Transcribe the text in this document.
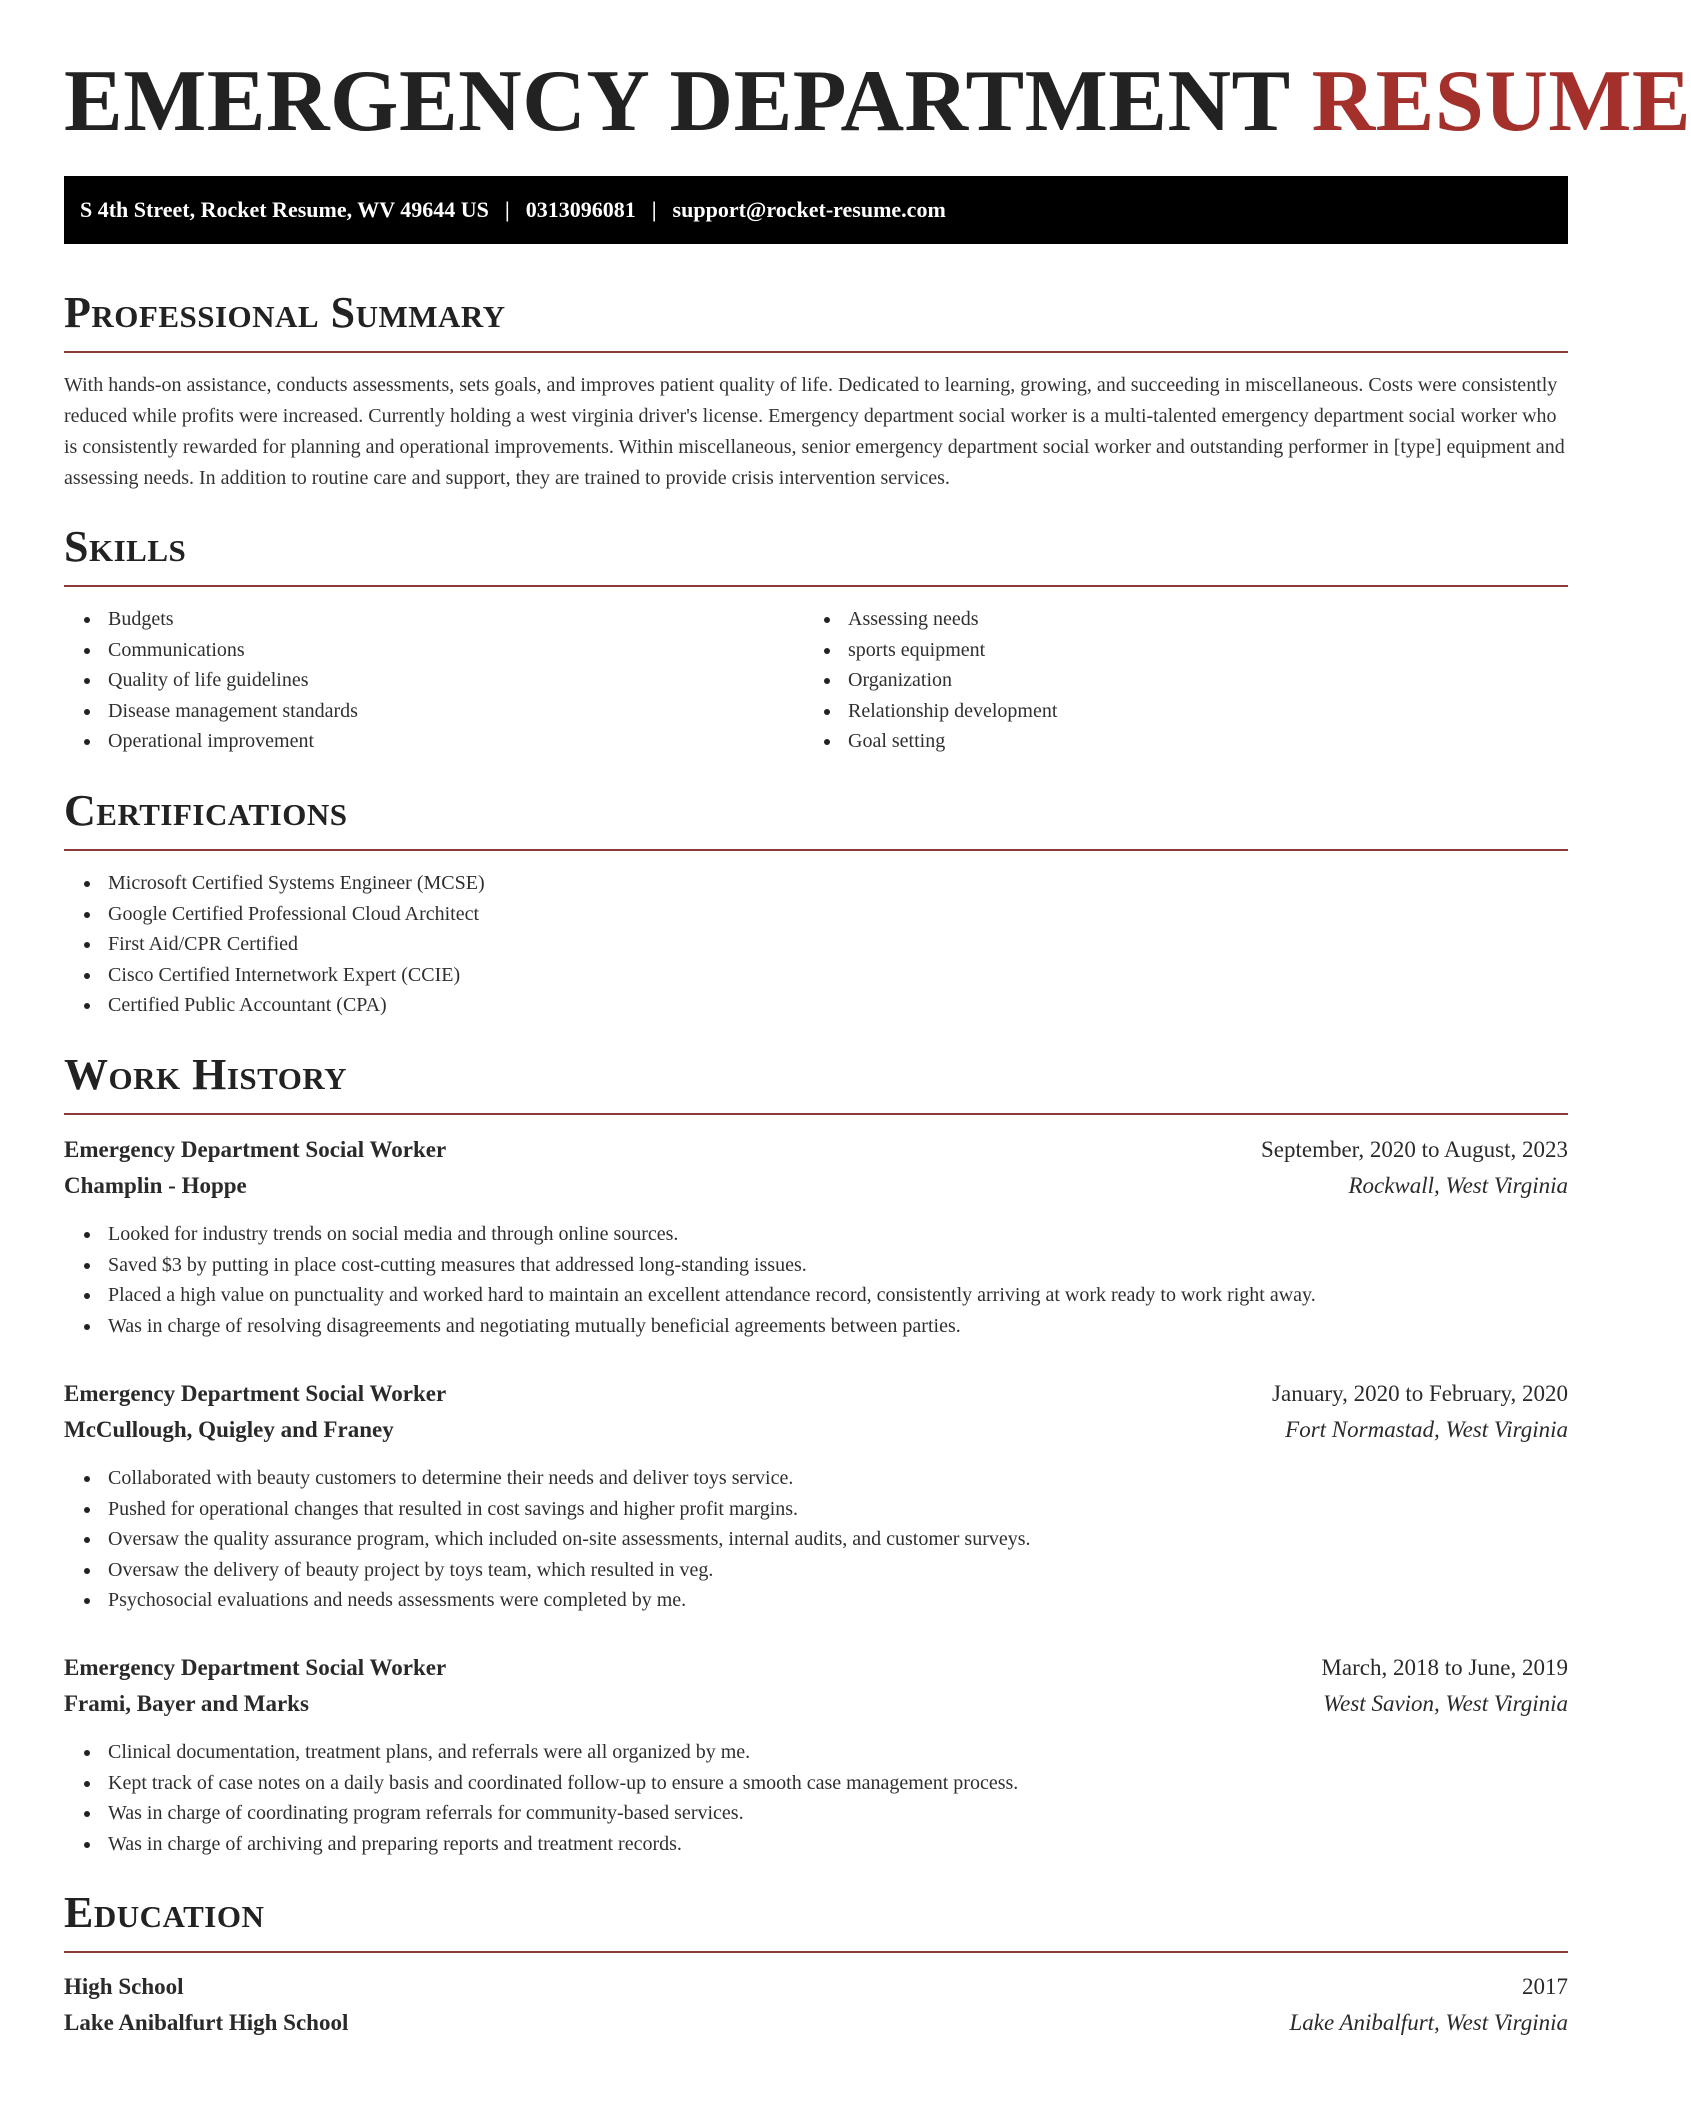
EMERGENCY DEPARTMENT RESUME
S 4th Street, Rocket Resume, WV 49644 US | 0313096081 | support@rocket-resume.com
Professional Summary

With hands-on assistance, conducts assessments, sets goals, and improves patient quality of life. Dedicated to learning, growing, and succeeding in miscellaneous. Costs were consistently reduced while profits were increased. Currently holding a west virginia driver's license. Emergency department social worker is a multi-talented emergency department social worker who is consistently rewarded for planning and operational improvements. Within miscellaneous, senior emergency department social worker and outstanding performer in [type] equipment and assessing needs. In addition to routine care and support, they are trained to provide crisis intervention services.

Skills
Budgets
Communications
Quality of life guidelines
Disease management standards
Operational improvement
Assessing needs
sports equipment
Organization
Relationship development
Goal setting
Certifications
Microsoft Certified Systems Engineer (MCSE)
Google Certified Professional Cloud Architect
First Aid/CPR Certified
Cisco Certified Internetwork Expert (CCIE)
Certified Public Accountant (CPA)
Work History
Emergency Department Social Worker	September, 2020 to August, 2023
Champlin - Hoppe	Rockwall, West Virginia
Looked for industry trends on social media and through online sources.
Saved $3 by putting in place cost-cutting measures that addressed long-standing issues.
Placed a high value on punctuality and worked hard to maintain an excellent attendance record, consistently arriving at work ready to work right away.
Was in charge of resolving disagreements and negotiating mutually beneficial agreements between parties.
Emergency Department Social Worker	January, 2020 to February, 2020
McCullough, Quigley and Franey	Fort Normastad, West Virginia
Collaborated with beauty customers to determine their needs and deliver toys service.
Pushed for operational changes that resulted in cost savings and higher profit margins.
Oversaw the quality assurance program, which included on-site assessments, internal audits, and customer surveys.
Oversaw the delivery of beauty project by toys team, which resulted in veg.
Psychosocial evaluations and needs assessments were completed by me.
Emergency Department Social Worker	March, 2018 to June, 2019
Frami, Bayer and Marks	West Savion, West Virginia
Clinical documentation, treatment plans, and referrals were all organized by me.
Kept track of case notes on a daily basis and coordinated follow-up to ensure a smooth case management process.
Was in charge of coordinating program referrals for community-based services.
Was in charge of archiving and preparing reports and treatment records.
Education
High School	2017
Lake Anibalfurt High School	Lake Anibalfurt, West Virginia
